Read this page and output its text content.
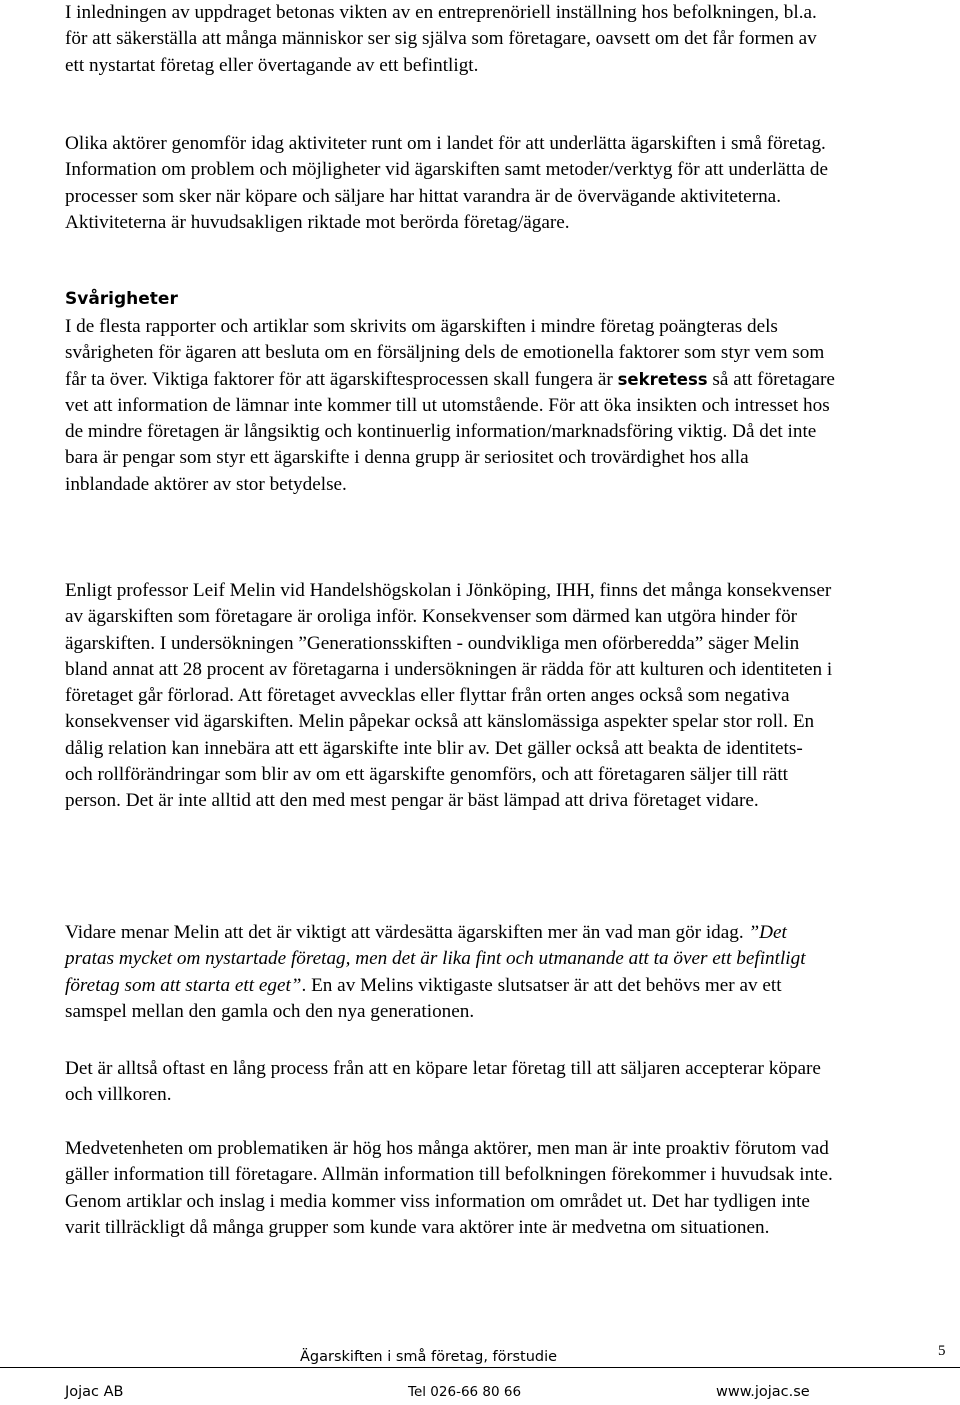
I inledningen av uppdraget betonas vikten av en entreprenöriell inställning hos befolkningen, bl.a. för att säkerställa att många människor ser sig själva som företagare, oavsett om det får formen av ett nystartat företag eller övertagande av ett befintligt.

Olika aktörer genomför idag aktiviteter runt om i landet för att underlätta ägarskiften i små företag. Information om problem och möjligheter vid ägarskiften samt metoder/verktyg för att underlätta de processer som sker när köpare och säljare har hittat varandra är de övervägande aktiviteterna. Aktiviteterna är huvudsakligen riktade mot berörda företag/ägare.

Svårigheter

I de flesta rapporter och artiklar som skrivits om ägarskiften i mindre företag poängteras dels svårigheten för ägaren att besluta om en försäljning dels de emotionella faktorer som styr vem som får ta över. Viktiga faktorer för att ägarskiftesprocessen skall fungera är sekretess så att företagare vet att information de lämnar inte kommer till ut utomstående. För att öka insikten och intresset hos de mindre företagen är långsiktig och kontinuerlig information/marknadsföring viktig. Då det inte bara är pengar som styr ett ägarskifte i denna grupp är seriositet och trovärdighet hos alla inblandade aktörer av stor betydelse.

Enligt professor Leif Melin vid Handelshögskolan i Jönköping, IHH, finns det många konsekvenser av ägarskiften som företagare är oroliga inför. Konsekvenser som därmed kan utgöra hinder för ägarskiften. I undersökningen ”Generationsskiften - oundvikliga men oförberedda” säger Melin bland annat att 28 procent av företagarna i undersökningen är rädda för att kulturen och identiteten i företaget går förlorad. Att företaget avvecklas eller flyttar från orten anges också som negativa konsekvenser vid ägarskiften. Melin påpekar också att känslomässiga aspekter spelar stor roll. En dålig relation kan innebära att ett ägarskifte inte blir av. Det gäller också att beakta de identitets- och rollförändringar som blir av om ett ägarskifte genomförs, och att företagaren säljer till rätt person. Det är inte alltid att den med mest pengar är bäst lämpad att driva företaget vidare.

Vidare menar Melin att det är viktigt att värdesätta ägarskiften mer än vad man gör idag. ”Det pratas mycket om nystartade företag, men det är lika fint och utmanande att ta över ett befintligt företag som att starta ett eget”. En av Melins viktigaste slutsatser är att det behövs mer av ett samspel mellan den gamla och den nya generationen.

Det är alltså oftast en lång process från att en köpare letar företag till att säljaren accepterar köpare och villkoren.

Medvetenheten om problematiken är hög hos många aktörer, men man är inte proaktiv förutom vad gäller information till företagare. Allmän information till befolkningen förekommer i huvudsak inte. Genom artiklar och inslag i media kommer viss information om området ut. Det har tydligen inte varit tillräckligt då många grupper som kunde vara aktörer inte är medvetna om situationen.

Ägarskiften i små företag, förstudie	5
Jojac AB	Tel 026-66 80 66	www.jojac.se
